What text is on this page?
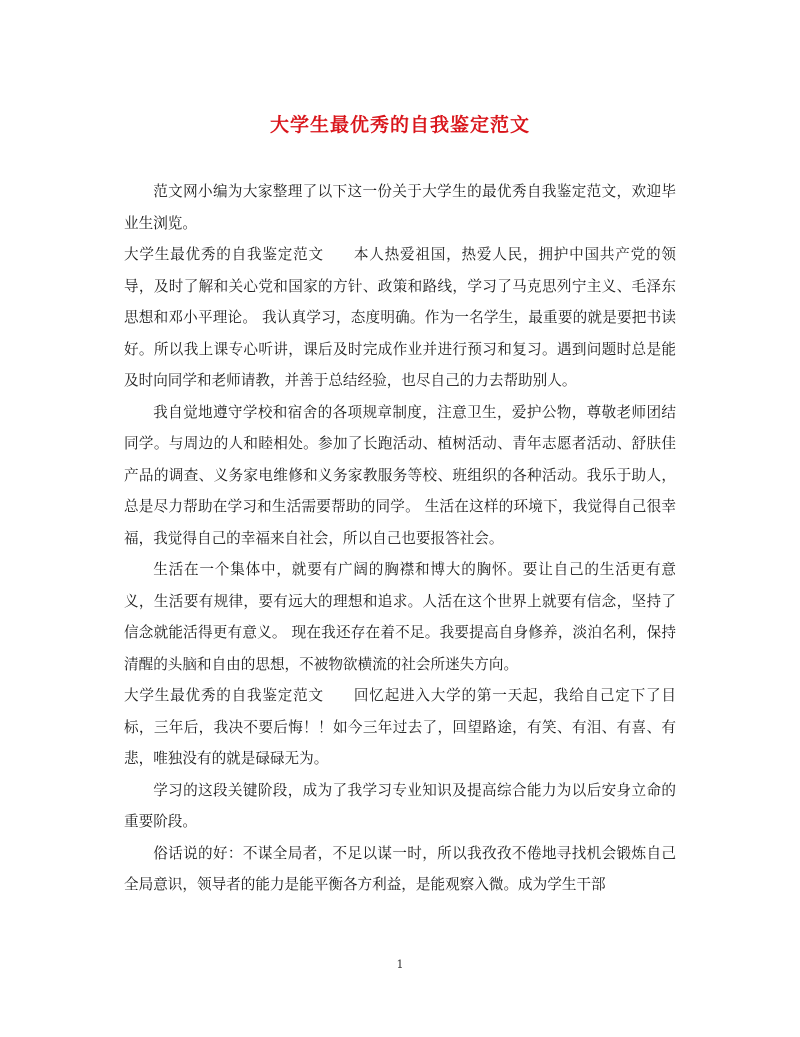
大学生最优秀的自我鉴定范文

范文网小编为大家整理了以下这一份关于大学生的最优秀自我鉴定范文，欢迎毕业生浏览。

大学生最优秀的自我鉴定范文 本人热爱祖国，热爱人民，拥护中国共产党的领导，及时了解和关心党和国家的方针、政策和路线，学习了马克思列宁主义、毛泽东思想和邓小平理论。 我认真学习，态度明确。作为一名学生，最重要的就是要把书读好。所以我上课专心听讲，课后及时完成作业并进行预习和复习。遇到问题时总是能及时向同学和老师请教，并善于总结经验，也尽自己的力去帮助别人。

我自觉地遵守学校和宿舍的各项规章制度，注意卫生，爱护公物，尊敬老师团结同学。与周边的人和睦相处。参加了长跑活动、植树活动、青年志愿者活动、舒肤佳产品的调查、义务家电维修和义务家教服务等校、班组织的各种活动。我乐于助人，总是尽力帮助在学习和生活需要帮助的同学。 生活在这样的环境下，我觉得自己很幸福，我觉得自己的幸福来自社会，所以自己也要报答社会。

生活在一个集体中，就要有广阔的胸襟和博大的胸怀。要让自己的生活更有意义，生活要有规律，要有远大的理想和追求。人活在这个世界上就要有信念，坚持了信念就能活得更有意义。 现在我还存在着不足。我要提高自身修养，淡泊名利，保持清醒的头脑和自由的思想，不被物欲横流的社会所迷失方向。

大学生最优秀的自我鉴定范文 回忆起进入大学的第一天起，我给自己定下了目标，三年后，我决不要后悔！！如今三年过去了，回望路途，有笑、有泪、有喜、有悲，唯独没有的就是碌碌无为。

学习的这段关键阶段，成为了我学习专业知识及提高综合能力为以后安身立命的重要阶段。

俗话说的好：不谋全局者，不足以谋一时，所以我孜孜不倦地寻找机会锻炼自己全局意识，领导者的能力是能平衡各方利益，是能观察入微。成为学生干部

1
